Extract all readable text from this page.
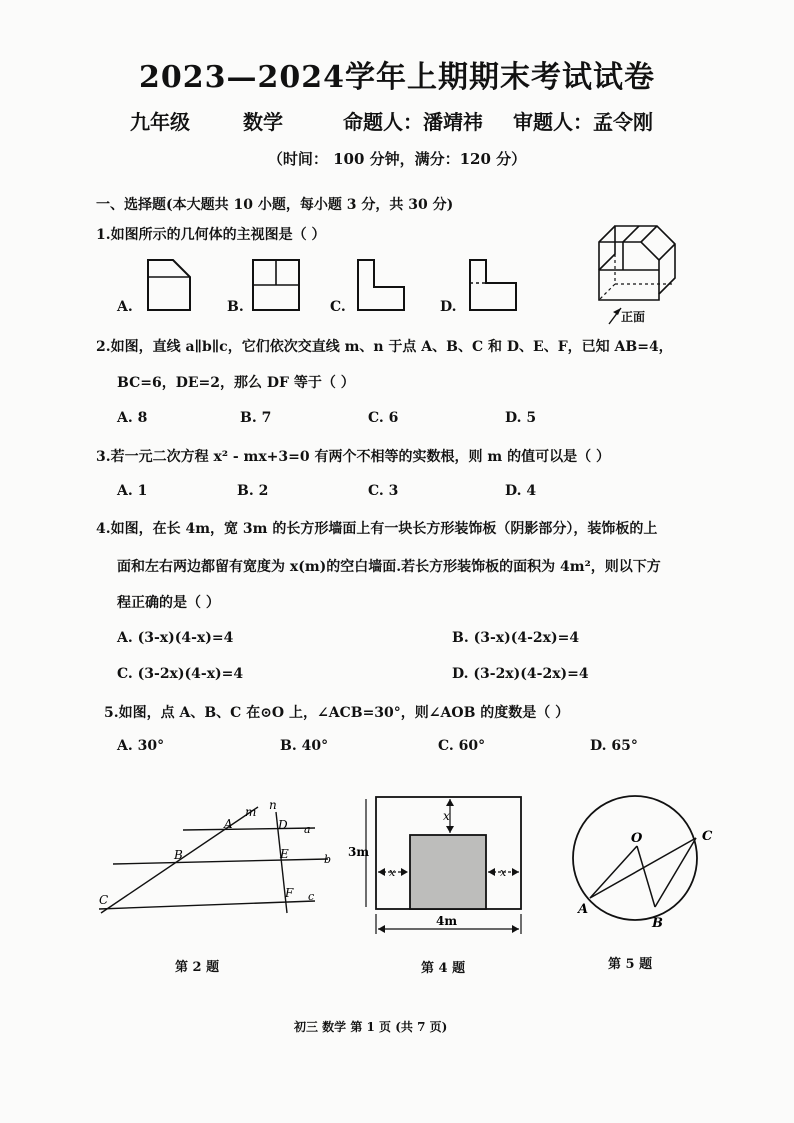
2023—2024学年上期期末考试试卷
九年级	数学	命题人：潘靖祎 审题人：孟令刚
（时间： 100 分钟，满分：120 分）
一、选择题(本大题共 10 小题，每小题 3 分，共 30 分)
1.如图所示的几何体的主视图是（ ）
A.	B.	C.	D.
正面
2.如图，直线 a∥b∥c，它们依次交直线 m、n 于点 A、B、C 和 D、E、F，已知 AB=4，
BC=6，DE=2，那么 DF 等于（ ）
A. 8	B. 7	C. 6	D. 5
3.若一元二次方程 x² - mx+3=0 有两个不相等的实数根，则 m 的值可以是（ ）
A. 1	B. 2	C. 3	D. 4
4.如图，在长 4m，宽 3m 的长方形墙面上有一块长方形装饰板（阴影部分），装饰板的上
面和左右两边都留有宽度为 x(m)的空白墙面.若长方形装饰板的面积为 4m²，则以下方
程正确的是（ ）
A. (3-x)(4-x)=4	B. (3-x)(4-2x)=4
C. (3-2x)(4-x)=4	D. (3-2x)(4-2x)=4
5.如图，点 A、B、C 在⊙O 上，∠ACB=30°，则∠AOB 的度数是（ ）
A. 30°	B. 40°	C. 60°	D. 65°
m n
A	D a
B	E	b
C	F c
第 2 题
x
3m
x	x
4m
第 4 题
O	C
A
B
第 5 题
初三 数学 第 1 页 (共 7 页)
